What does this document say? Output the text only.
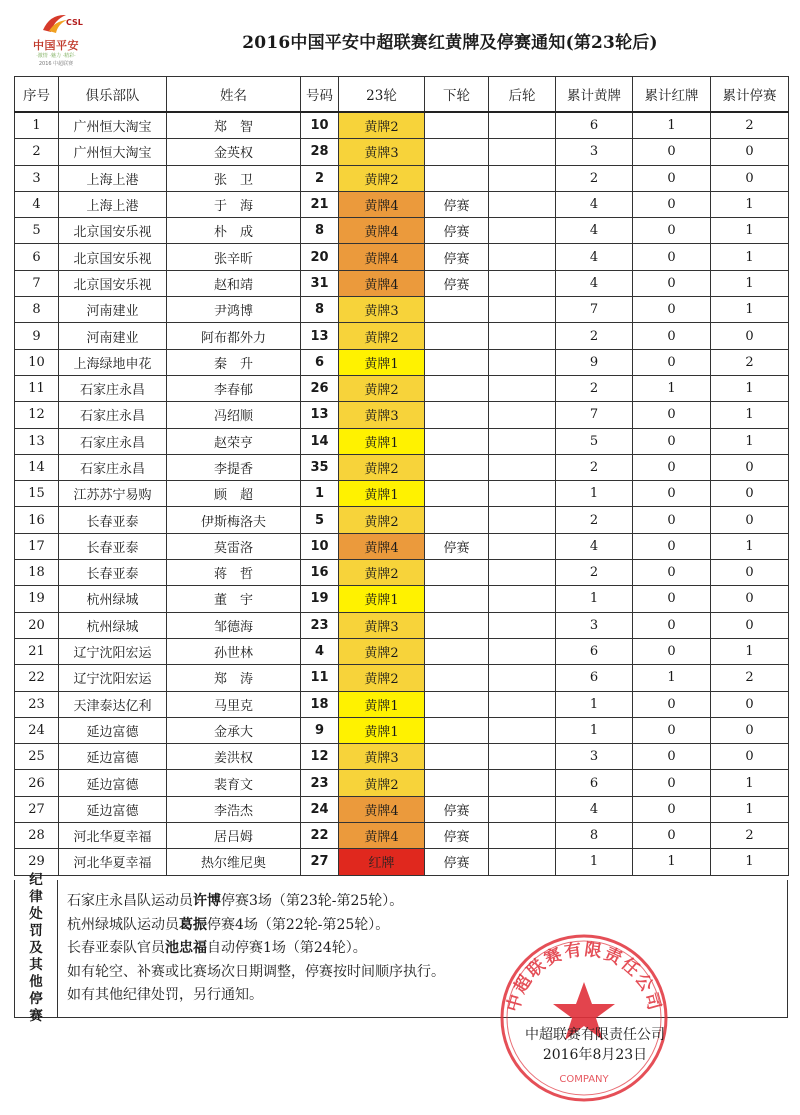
CSL
中国平安
·激情 ·魅力 ·精彩·
2016 中超联赛
2016中国平安中超联赛红黄牌及停赛通知(第23轮后)
序号	俱乐部队	姓名	号码	23轮	下轮	后轮	累计黄牌	累计红牌	累计停赛
1	广州恒大淘宝	郑　智	10	黄牌2			6	1	2
2	广州恒大淘宝	金英权	28	黄牌3			3	0	0
3	上海上港	张　卫	2	黄牌2			2	0	0
4	上海上港	于　海	21	黄牌4	停赛		4	0	1
5	北京国安乐视	朴　成	8	黄牌4	停赛		4	0	1
6	北京国安乐视	张辛昕	20	黄牌4	停赛		4	0	1
7	北京国安乐视	赵和靖	31	黄牌4	停赛		4	0	1
8	河南建业	尹鸿博	8	黄牌3			7	0	1
9	河南建业	阿布都外力	13	黄牌2			2	0	0
10	上海绿地申花	秦　升	6	黄牌1			9	0	2
11	石家庄永昌	李春郁	26	黄牌2			2	1	1
12	石家庄永昌	冯绍顺	13	黄牌3			7	0	1
13	石家庄永昌	赵荣亨	14	黄牌1			5	0	1
14	石家庄永昌	李提香	35	黄牌2			2	0	0
15	江苏苏宁易购	顾　超	1	黄牌1			1	0	0
16	长春亚泰	伊斯梅洛夫	5	黄牌2			2	0	0
17	长春亚泰	莫雷洛	10	黄牌4	停赛		4	0	1
18	长春亚泰	蒋　哲	16	黄牌2			2	0	0
19	杭州绿城	董　宇	19	黄牌1			1	0	0
20	杭州绿城	邹德海	23	黄牌3			3	0	0
21	辽宁沈阳宏运	孙世林	4	黄牌2			6	0	1
22	辽宁沈阳宏运	郑　涛	11	黄牌2			6	1	2
23	天津泰达亿利	马里克	18	黄牌1			1	0	0
24	延边富德	金承大	9	黄牌1			1	0	0
25	延边富德	姜洪权	12	黄牌3			3	0	0
26	延边富德	裴育文	23	黄牌2			6	0	1
27	延边富德	李浩杰	24	黄牌4	停赛		4	0	1
28	河北华夏幸福	居吕姆	22	黄牌4	停赛		8	0	2
29	河北华夏幸福	热尔维尼奥	27	红牌	停赛		1	1	1
纪律处罚及其他停赛
石家庄永昌队运动员许博停赛3场（第23轮-第25轮）。
杭州绿城队运动员葛振停赛4场（第22轮-第25轮）。
长春亚泰队官员池忠福自动停赛1场（第24轮）。
如有轮空、补赛或比赛场次日期调整，停赛按时间顺序执行。
如有其他纪律处罚，另行通知。	中超联赛有限责任公司
COMPANY
中超联赛有限责任公司
2016年8月23日
